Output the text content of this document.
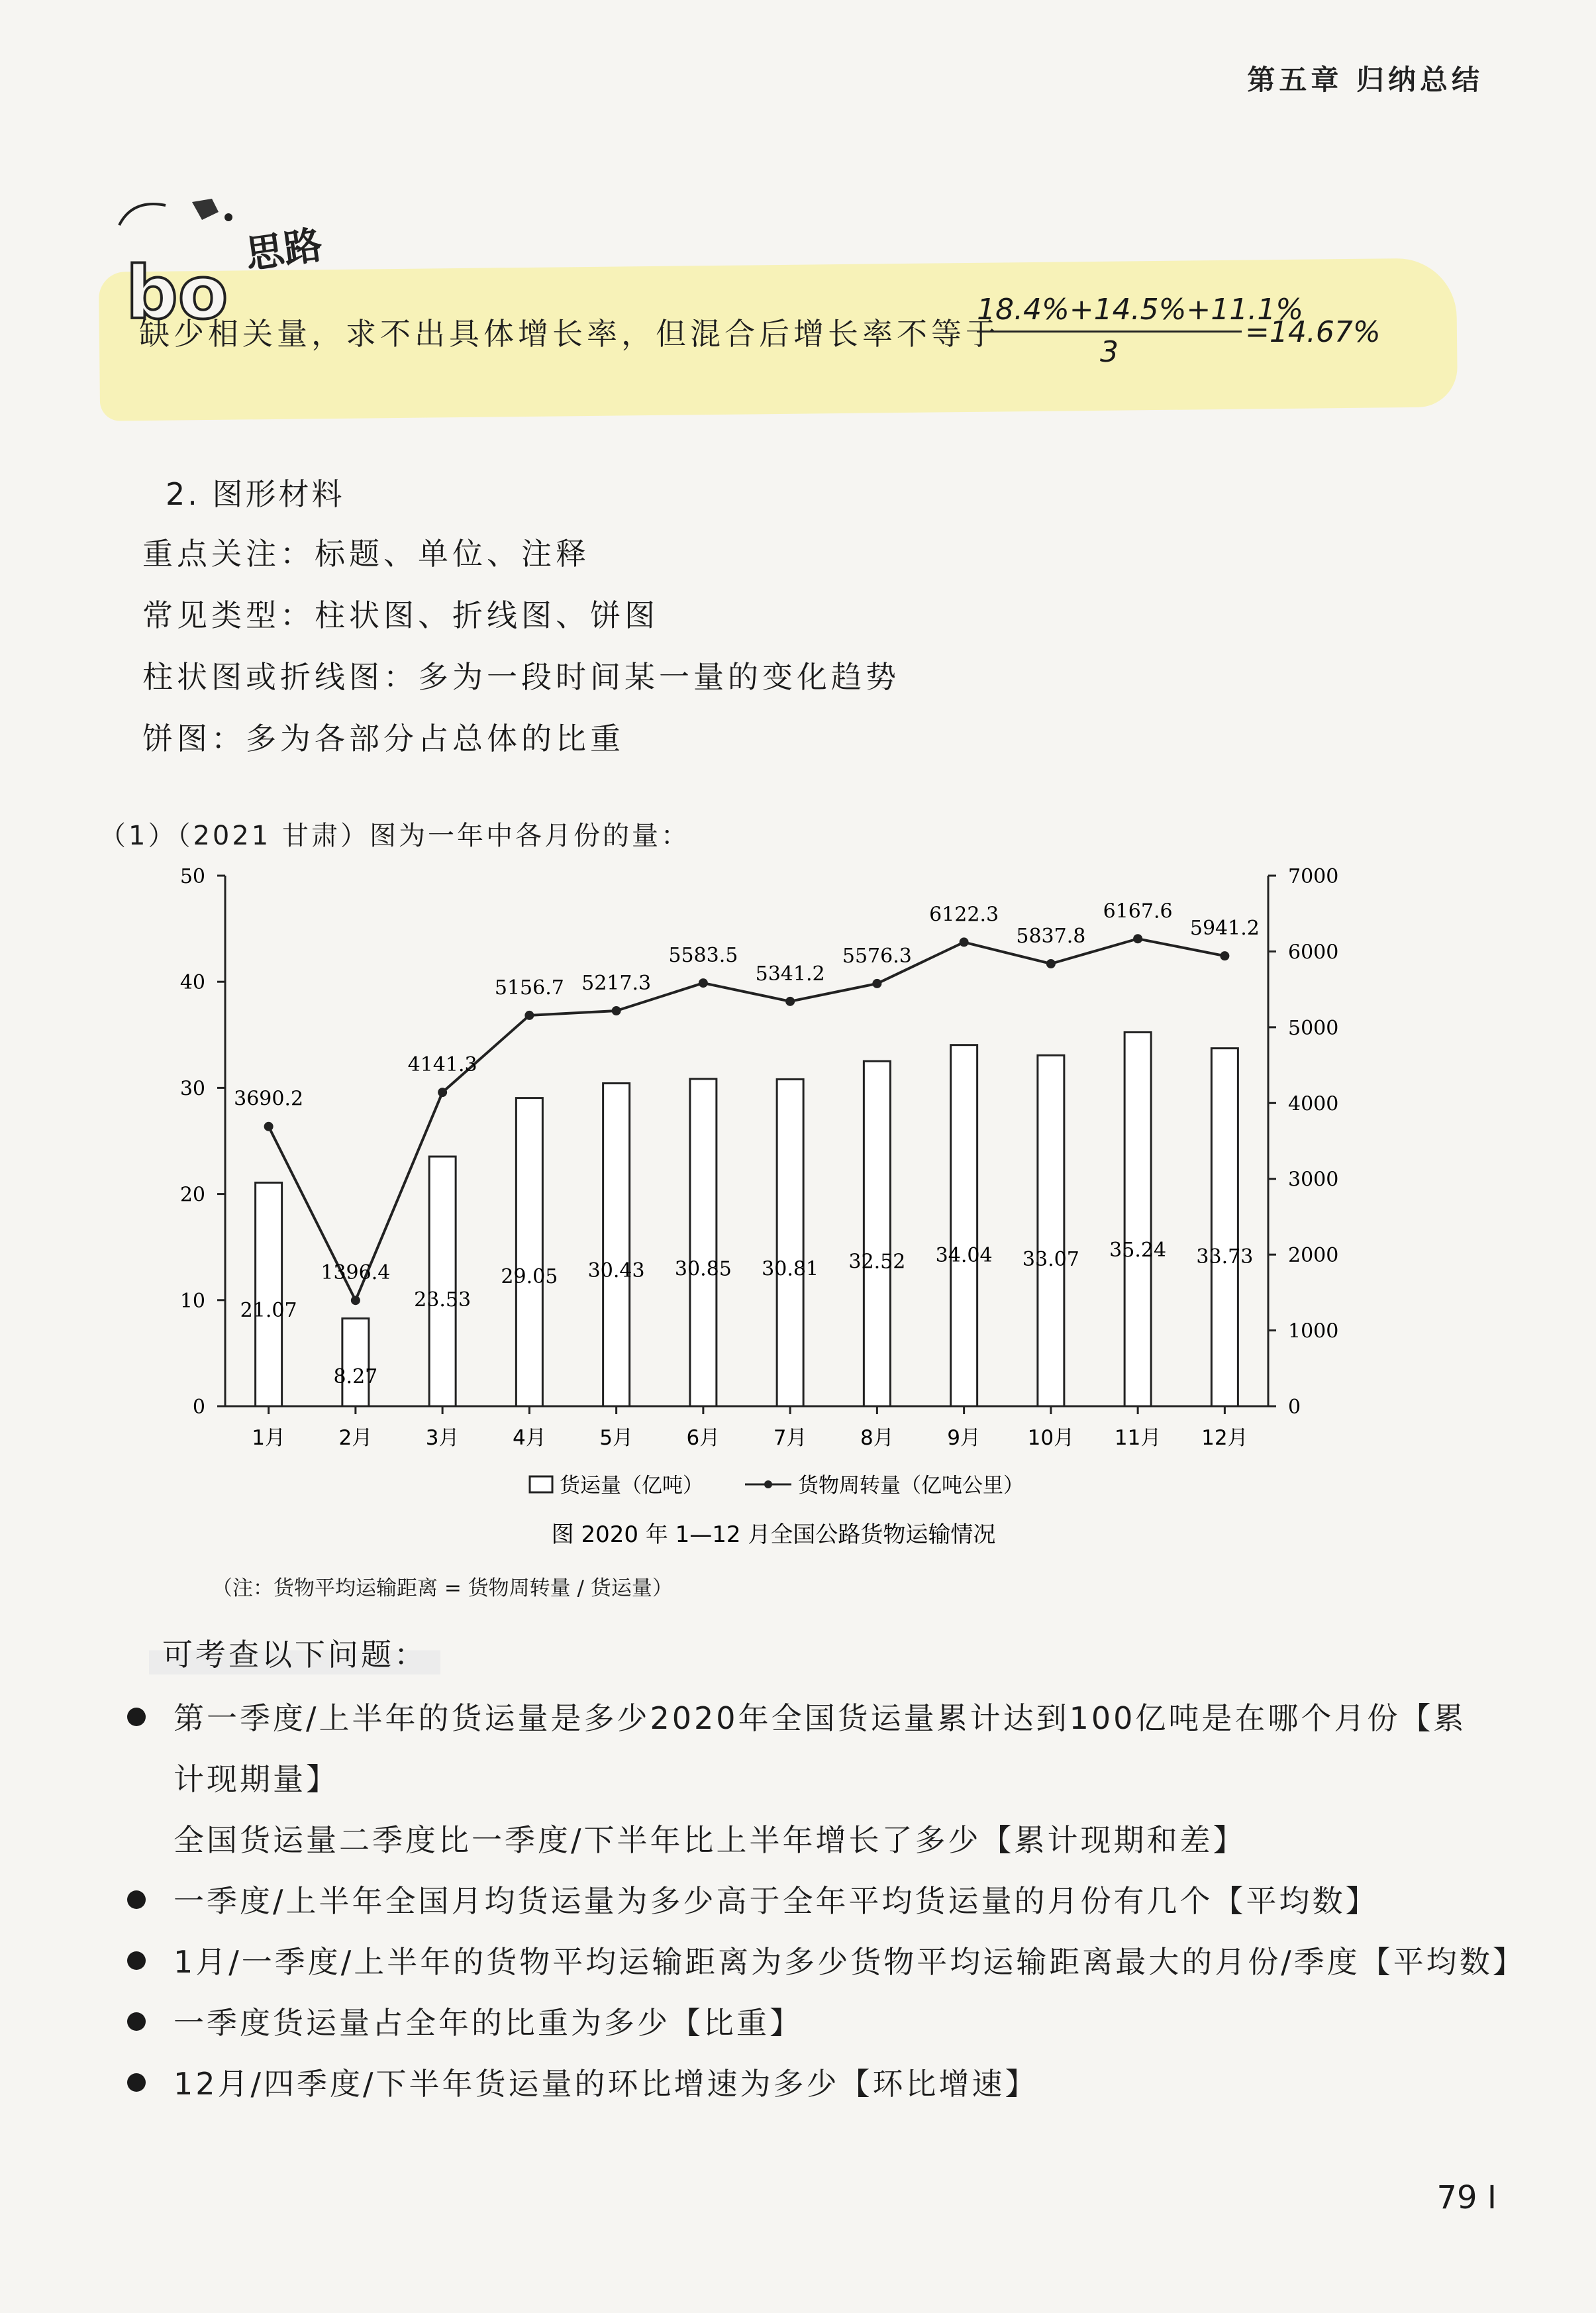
第五章 归纳总结
bo
思路
缺少相关量，求不出具体增长率，但混合后增长率不等于
$\frac{18.4\%+14.5\%+11.1\%}{3} =14.67\%$
2. 图形材料
重点关注：标题、单位、注释
常见类型：柱状图、折线图、饼图
柱状图或折线图：多为一段时间某一量的变化趋势
饼图：多为各部分占总体的比重
（1）（2021 甘肃）图为一年中各月份的量：
0
10
20
30
40
50
0
1000
2000
3000
4000
5000
6000
7000
21.07
1月
8.27
2月
23.53
3月
29.05
4月
30.43
5月
30.85
6月
30.81
7月
32.52
8月
34.04
9月
33.07
10月
35.24
11月
33.73
12月
3690.2
1396.4
4141.3
5156.7 5217.3
5583.5
5341.2
5576.3
6122.3
5837.8
6167.6
5941.2
货运量（亿吨）	货物周转量（亿吨公里）
图 2020 年 1—12 月全国公路货物运输情况
（注：货物平均运输距离 = 货物周转量 / 货运量）
可考查以下问题：
第一季度/上半年的货运量是多少2020年全国货运量累计达到100亿吨是在哪个月份【累
计现期量】
全国货运量二季度比一季度/下半年比上半年增长了多少【累计现期和差】
一季度/上半年全国月均货运量为多少高于全年平均货运量的月份有几个【平均数】
1月/一季度/上半年的货物平均运输距离为多少货物平均运输距离最大的月份/季度【平均数】
一季度货运量占全年的比重为多少【比重】
12月/四季度/下半年货运量的环比增速为多少【环比增速】
79 I
